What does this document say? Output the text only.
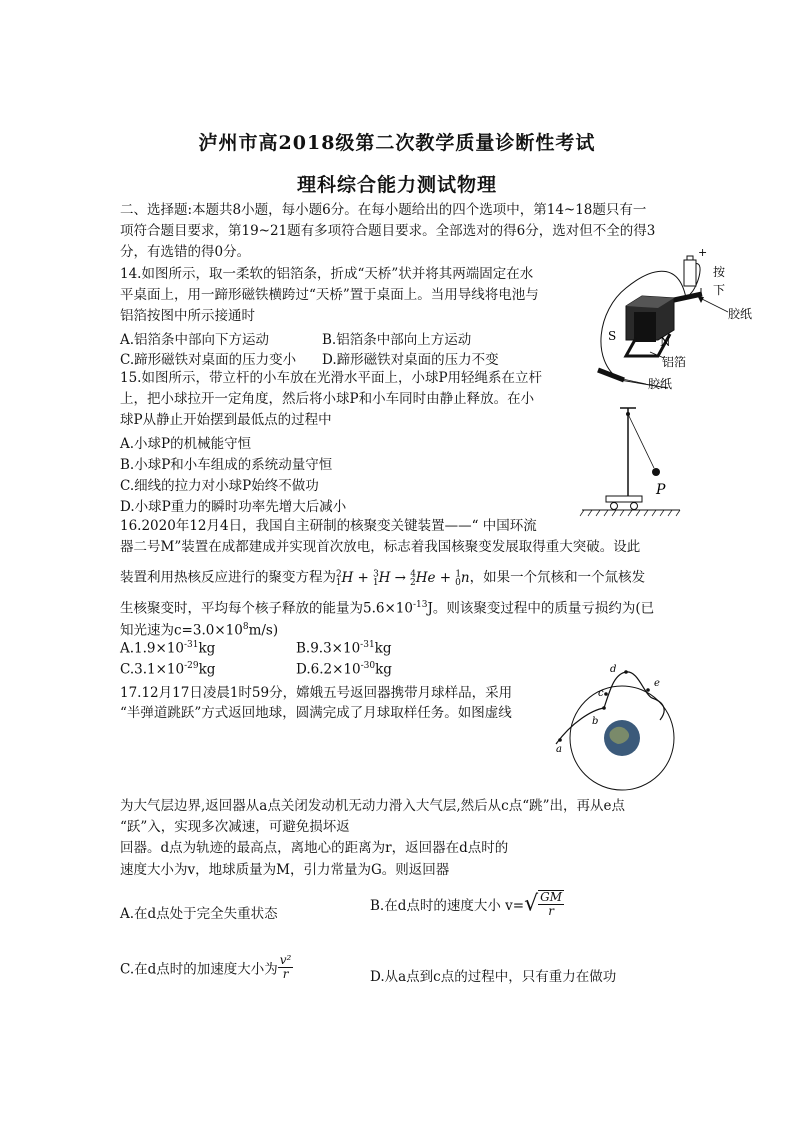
泸州市高2018级第二次教学质量诊断性考试
理科综合能力测试物理
二、选择题:本题共8小题，每小题6分。在每小题给出的四个选项中，第14~18题只有一
项符合题目要求，第19~21题有多项符合题目要求。全部选对的得6分，选对但不全的得3
分，有选错的得0分。
14.如图所示，取一柔软的铝箔条，折成“天桥”状并将其两端固定在水
平桌面上，用一蹄形磁铁横跨过“天桥”置于桌面上。当用导线将电池与
铝箔按图中所示接通时
A.铝箔条中部向下方运动	B.铝箔条中部向上方运动
C.蹄形磁铁对桌面的压力变小 D.蹄形磁铁对桌面的压力不变
+
按
下
胶纸
S	N
铝箔
胶纸
15.如图所示，带立杆的小车放在光滑水平面上，小球P用轻绳系在立杆
上，把小球拉开一定角度，然后将小球P和小车同时由静止释放。在小
球P从静止开始摆到最低点的过程中
A.小球P的机械能守恒
B.小球P和小车组成的系统动量守恒
C.细线的拉力对小球P始终不做功
D.小球P重力的瞬时功率先增大后减小
P
16.2020年12月4日，我国自主研制的核聚变关键装置——“ 中国环流
器二号M”装置在成都建成并实现首次放电，标志着我国核聚变发展取得重大突破。设此
装置利用热核反应进行的聚变方程为$^2_1$H + $^3_1$H → $^4_2$He + $^1_0$n，如果一个氘核和一个氚核发
生核聚变时，平均每个核子释放的能量为$5.6\times 10^{-13}J$。则该聚变过程中的质量亏损约为(已
知光速为$c=3.0\times 10^8m/s$)
$A.1.9\times 10^{-31}kg$	$B.9.3\times 10^{-31}kg$
$C.3.1\times 10^{-29}kg$	$D.6.2\times 10^{-30}kg$
17.12月17日凌晨1时59分，嫦娥五号返回器携带月球样品，采用
“半弹道跳跃”方式返回地球，圆满完成了月球取样任务。如图虚线
a
b
c
d
e
为大气层边界,返回器从a点关闭发动机无动力滑入大气层,然后从c点“跳”出，再从e点
“跃”入，实现多次减速，可避免损坏返
回器。d点为轨迹的最高点，离地心的距离为r，返回器在d点时的
速度大小为v，地球质量为M，引力常量为G。则返回器
A.在d点处于完全失重状态	B.在d点时的速度大小 $v=√ \frac{GM}{r}$
C.在d点时的加速度大小为 $\frac{\text{v²}}{r}$	D.从a点到c点的过程中，只有重力在做功
